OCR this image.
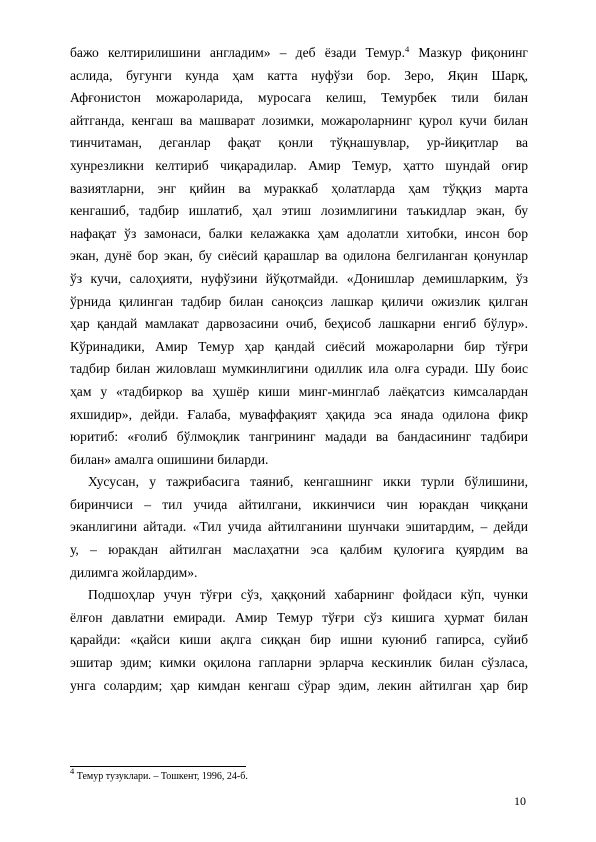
бажо келтирилишини англадим» – деб ёзади Темур.$^4$ Мазкур фиқонинг
аслида, бугунги кунда ҳам катта нуфўзи бор. Зеро, Яқин Шарқ,
Афғонистон можароларида, муросага келиш, Темурбек тили билан
айтганда, кенгаш ва машварат лозимки, можароларнинг қурол кучи билан
тинчитаман, деганлар фақат қонли тўқнашувлар, ур-йиқитлар ва
хунрезликни келтириб чиқарадилар. Амир Темур, ҳатто шундай оғир
вазиятларни, энг қийин ва мураккаб ҳолатларда ҳам тўққиз марта
кенгашиб, тадбир ишлатиб, ҳал этиш лозимлигини таъкидлар экан, бу
нафақат ўз замонаси, балки келажакка ҳам адолатли хитобки, инсон бор
экан, дунё бор экан, бу сиёсий қарашлар ва одилона белгиланган қонунлар
ўз кучи, салоҳияти, нуфўзини йўқотмайди. «Донишлар демишларким, ўз
ўрнида қилинган тадбир билан саноқсиз лашкар қиличи ожизлик қилган
ҳар қандай мамлакат дарвозасини очиб, беҳисоб лашкарни енгиб бўлур».
Кўринадики, Амир Темур ҳар қандай сиёсий можароларни бир тўғри
тадбир билан жиловлаш мумкинлигини одиллик ила олға суради. Шу боис
ҳам у «тадбиркор ва ҳушёр киши минг-минглаб лаёқатсиз кимсалардан
яхшидир», дейди. Ғалаба, муваффақият ҳақида эса янада одилона фикр
юритиб: «ғолиб бўлмоқлик тангрининг мадади ва бандасининг тадбири
билан» амалга ошишини биларди.
Хусусан, у тажрибасига таяниб, кенгашнинг икки турли бўлишини,
биринчиси – тил учида айтилгани, иккинчиси чин юракдан чиққани
эканлигини айтади. «Тил учида айтилганини шунчаки эшитардим, – дейди
у, – юракдан айтилган маслаҳатни эса қалбим қулоғига қуярдим ва
дилимга жойлардим».
Подшоҳлар учун тўғри сўз, ҳаққоний хабарнинг фойдаси кўп, чунки
ёлғон давлатни емиради. Амир Темур тўғри сўз кишига ҳурмат билан
қарайди: «қайси киши ақлга сиққан бир ишни куюниб гапирса, суйиб
эшитар эдим; кимки оқилона гапларни эрларча кескинлик билан сўзласа,
унга солардим; ҳар кимдан кенгаш сўрар эдим, лекин айтилган ҳар бир
$^4$ Темур тузуклари. – Тошкент, 1996, 24-б.
10
